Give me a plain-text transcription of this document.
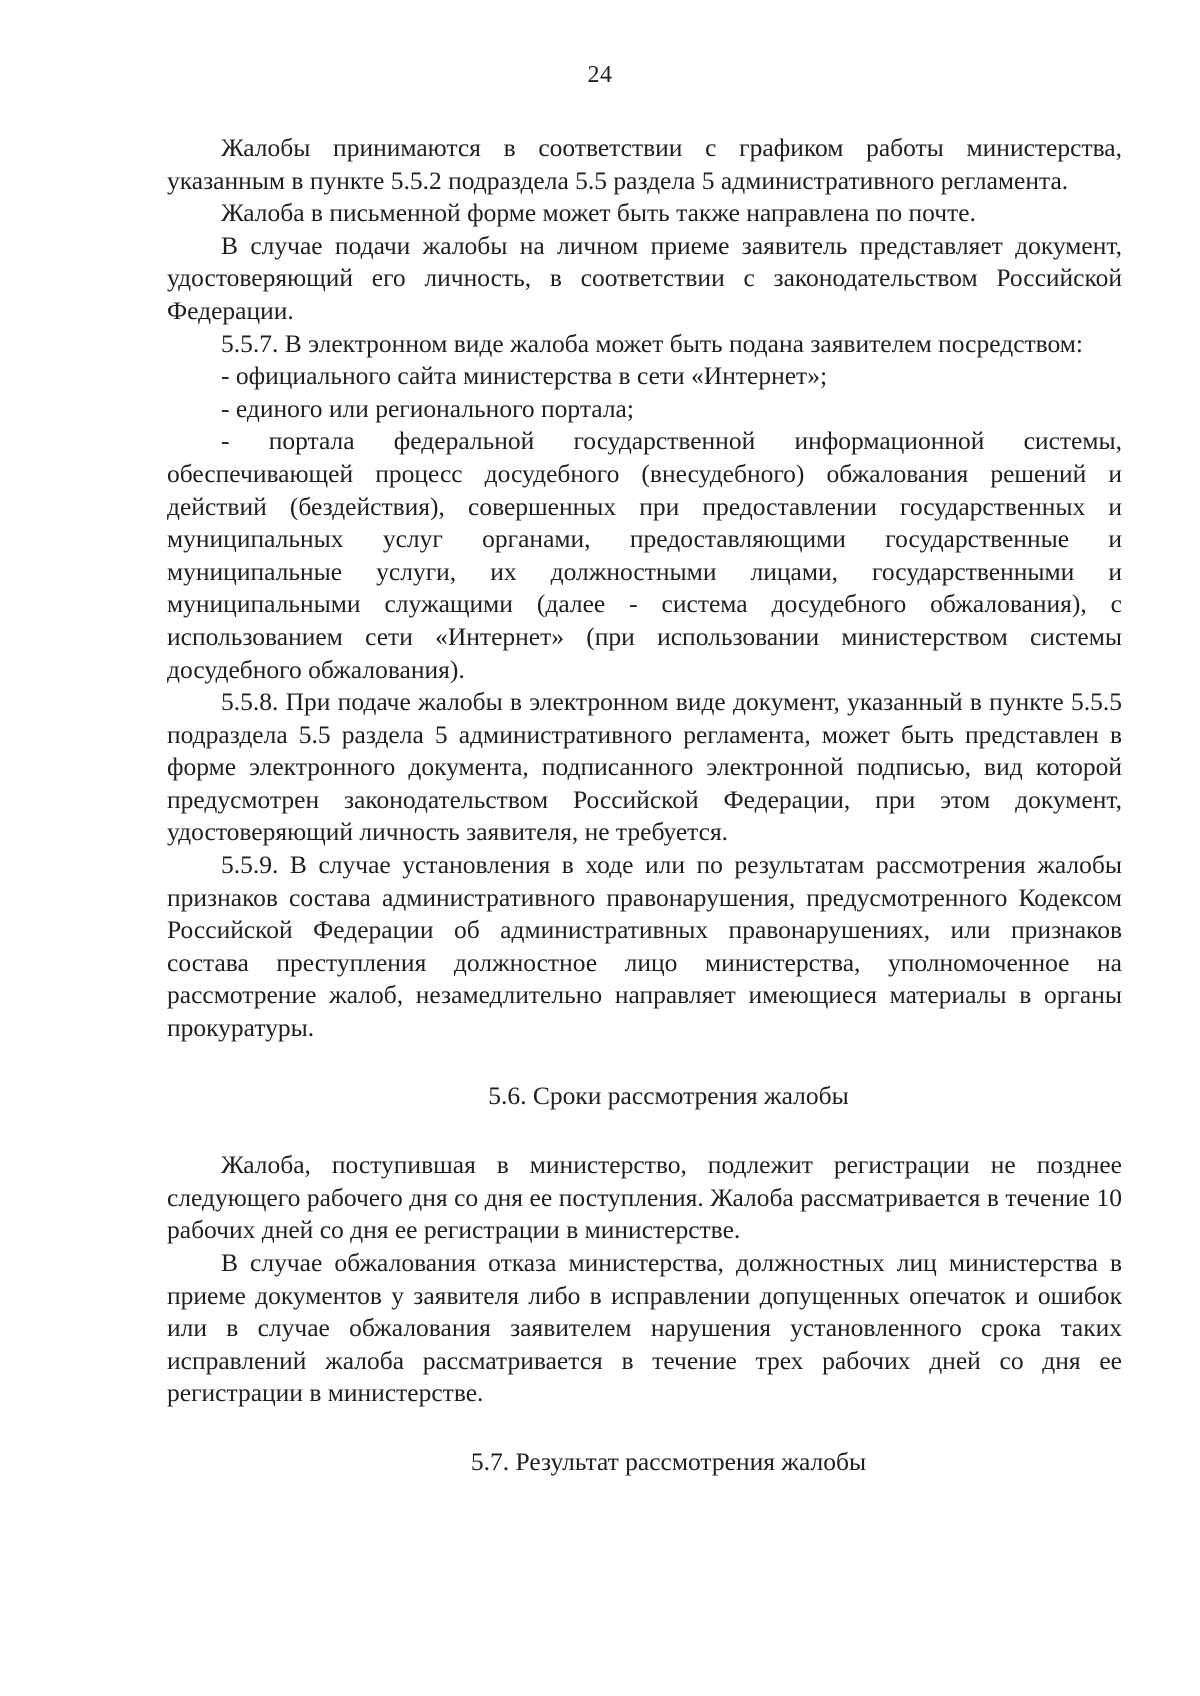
24

Жалобы принимаются в соответствии с графиком работы министерства, указанным в пункте 5.5.2 подраздела 5.5 раздела 5 административного регламента.

Жалоба в письменной форме может быть также направлена по почте.

В случае подачи жалобы на личном приеме заявитель представляет документ, удостоверяющий его личность, в соответствии с законодательством Российской Федерации.

5.5.7. В электронном виде жалоба может быть подана заявителем посредством:

- официального сайта министерства в сети «Интернет»;

- единого или регионального портала;

- портала федеральной государственной информационной системы, обеспечивающей процесс досудебного (внесудебного) обжалования решений и действий (бездействия), совершенных при предоставлении государственных и муниципальных услуг органами, предоставляющими государственные и муниципальные услуги, их должностными лицами, государственными и муниципальными служащими (далее - система досудебного обжалования), с использованием сети «Интернет» (при использовании министерством системы досудебного обжалования).

5.5.8. При подаче жалобы в электронном виде документ, указанный в пункте 5.5.5 подраздела 5.5 раздела 5 административного регламента, может быть представлен в форме электронного документа, подписанного электронной подписью, вид которой предусмотрен законодательством Российской Федерации, при этом документ, удостоверяющий личность заявителя, не требуется.

5.5.9. В случае установления в ходе или по результатам рассмотрения жалобы признаков состава административного правонарушения, предусмотренного Кодексом Российской Федерации об административных правонарушениях, или признаков состава преступления должностное лицо министерства, уполномоченное на рассмотрение жалоб, незамедлительно направляет имеющиеся материалы в органы прокуратуры.

5.6. Сроки рассмотрения жалобы

Жалоба, поступившая в министерство, подлежит регистрации не позднее следующего рабочего дня со дня ее поступления. Жалоба рассматривается в течение 10 рабочих дней со дня ее регистрации в министерстве.

В случае обжалования отказа министерства, должностных лиц министерства в приеме документов у заявителя либо в исправлении допущенных опечаток и ошибок или в случае обжалования заявителем нарушения установленного срока таких исправлений жалоба рассматривается в течение трех рабочих дней со дня ее регистрации в министерстве.

5.7. Результат рассмотрения жалобы
